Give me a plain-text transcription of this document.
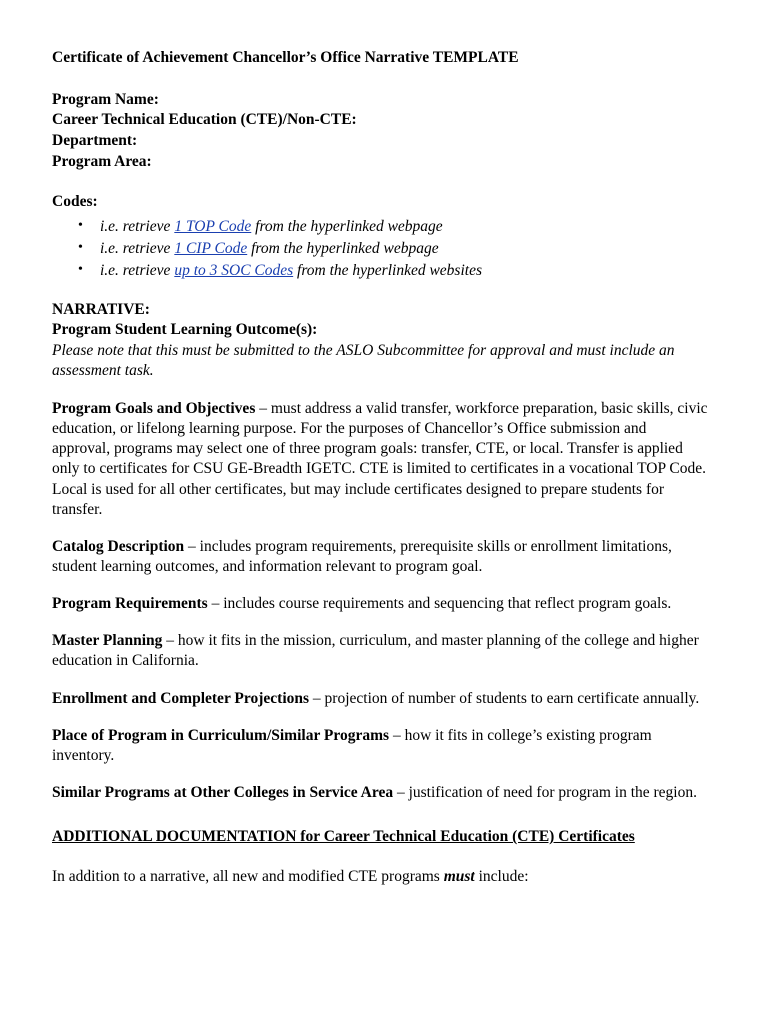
Certificate of Achievement Chancellor’s Office Narrative TEMPLATE

Program Name:

Career Technical Education (CTE)/Non-CTE:

Department:

Program Area:

Codes:

• i.e. retrieve 1 TOP Code from the hyperlinked webpage
• i.e. retrieve 1 CIP Code from the hyperlinked webpage
• i.e. retrieve up to 3 SOC Codes from the hyperlinked websites

NARRATIVE:

Program Student Learning Outcome(s):

Please note that this must be submitted to the ASLO Subcommittee for approval and must include an assessment task.

Program Goals and Objectives – must address a valid transfer, workforce preparation, basic skills, civic education, or lifelong learning purpose. For the purposes of Chancellor’s Office submission and approval, programs may select one of three program goals: transfer, CTE, or local. Transfer is applied only to certificates for CSU GE-Breadth IGETC. CTE is limited to certificates in a vocational TOP Code. Local is used for all other certificates, but may include certificates designed to prepare students for transfer.

Catalog Description – includes program requirements, prerequisite skills or enrollment limitations, student learning outcomes, and information relevant to program goal.

Program Requirements – includes course requirements and sequencing that reflect program goals.

Master Planning – how it fits in the mission, curriculum, and master planning of the college and higher education in California.

Enrollment and Completer Projections – projection of number of students to earn certificate annually.

Place of Program in Curriculum/Similar Programs – how it fits in college’s existing program inventory.

Similar Programs at Other Colleges in Service Area – justification of need for program in the region.

ADDITIONAL DOCUMENTATION for Career Technical Education (CTE) Certificates

In addition to a narrative, all new and modified CTE programs must include:
